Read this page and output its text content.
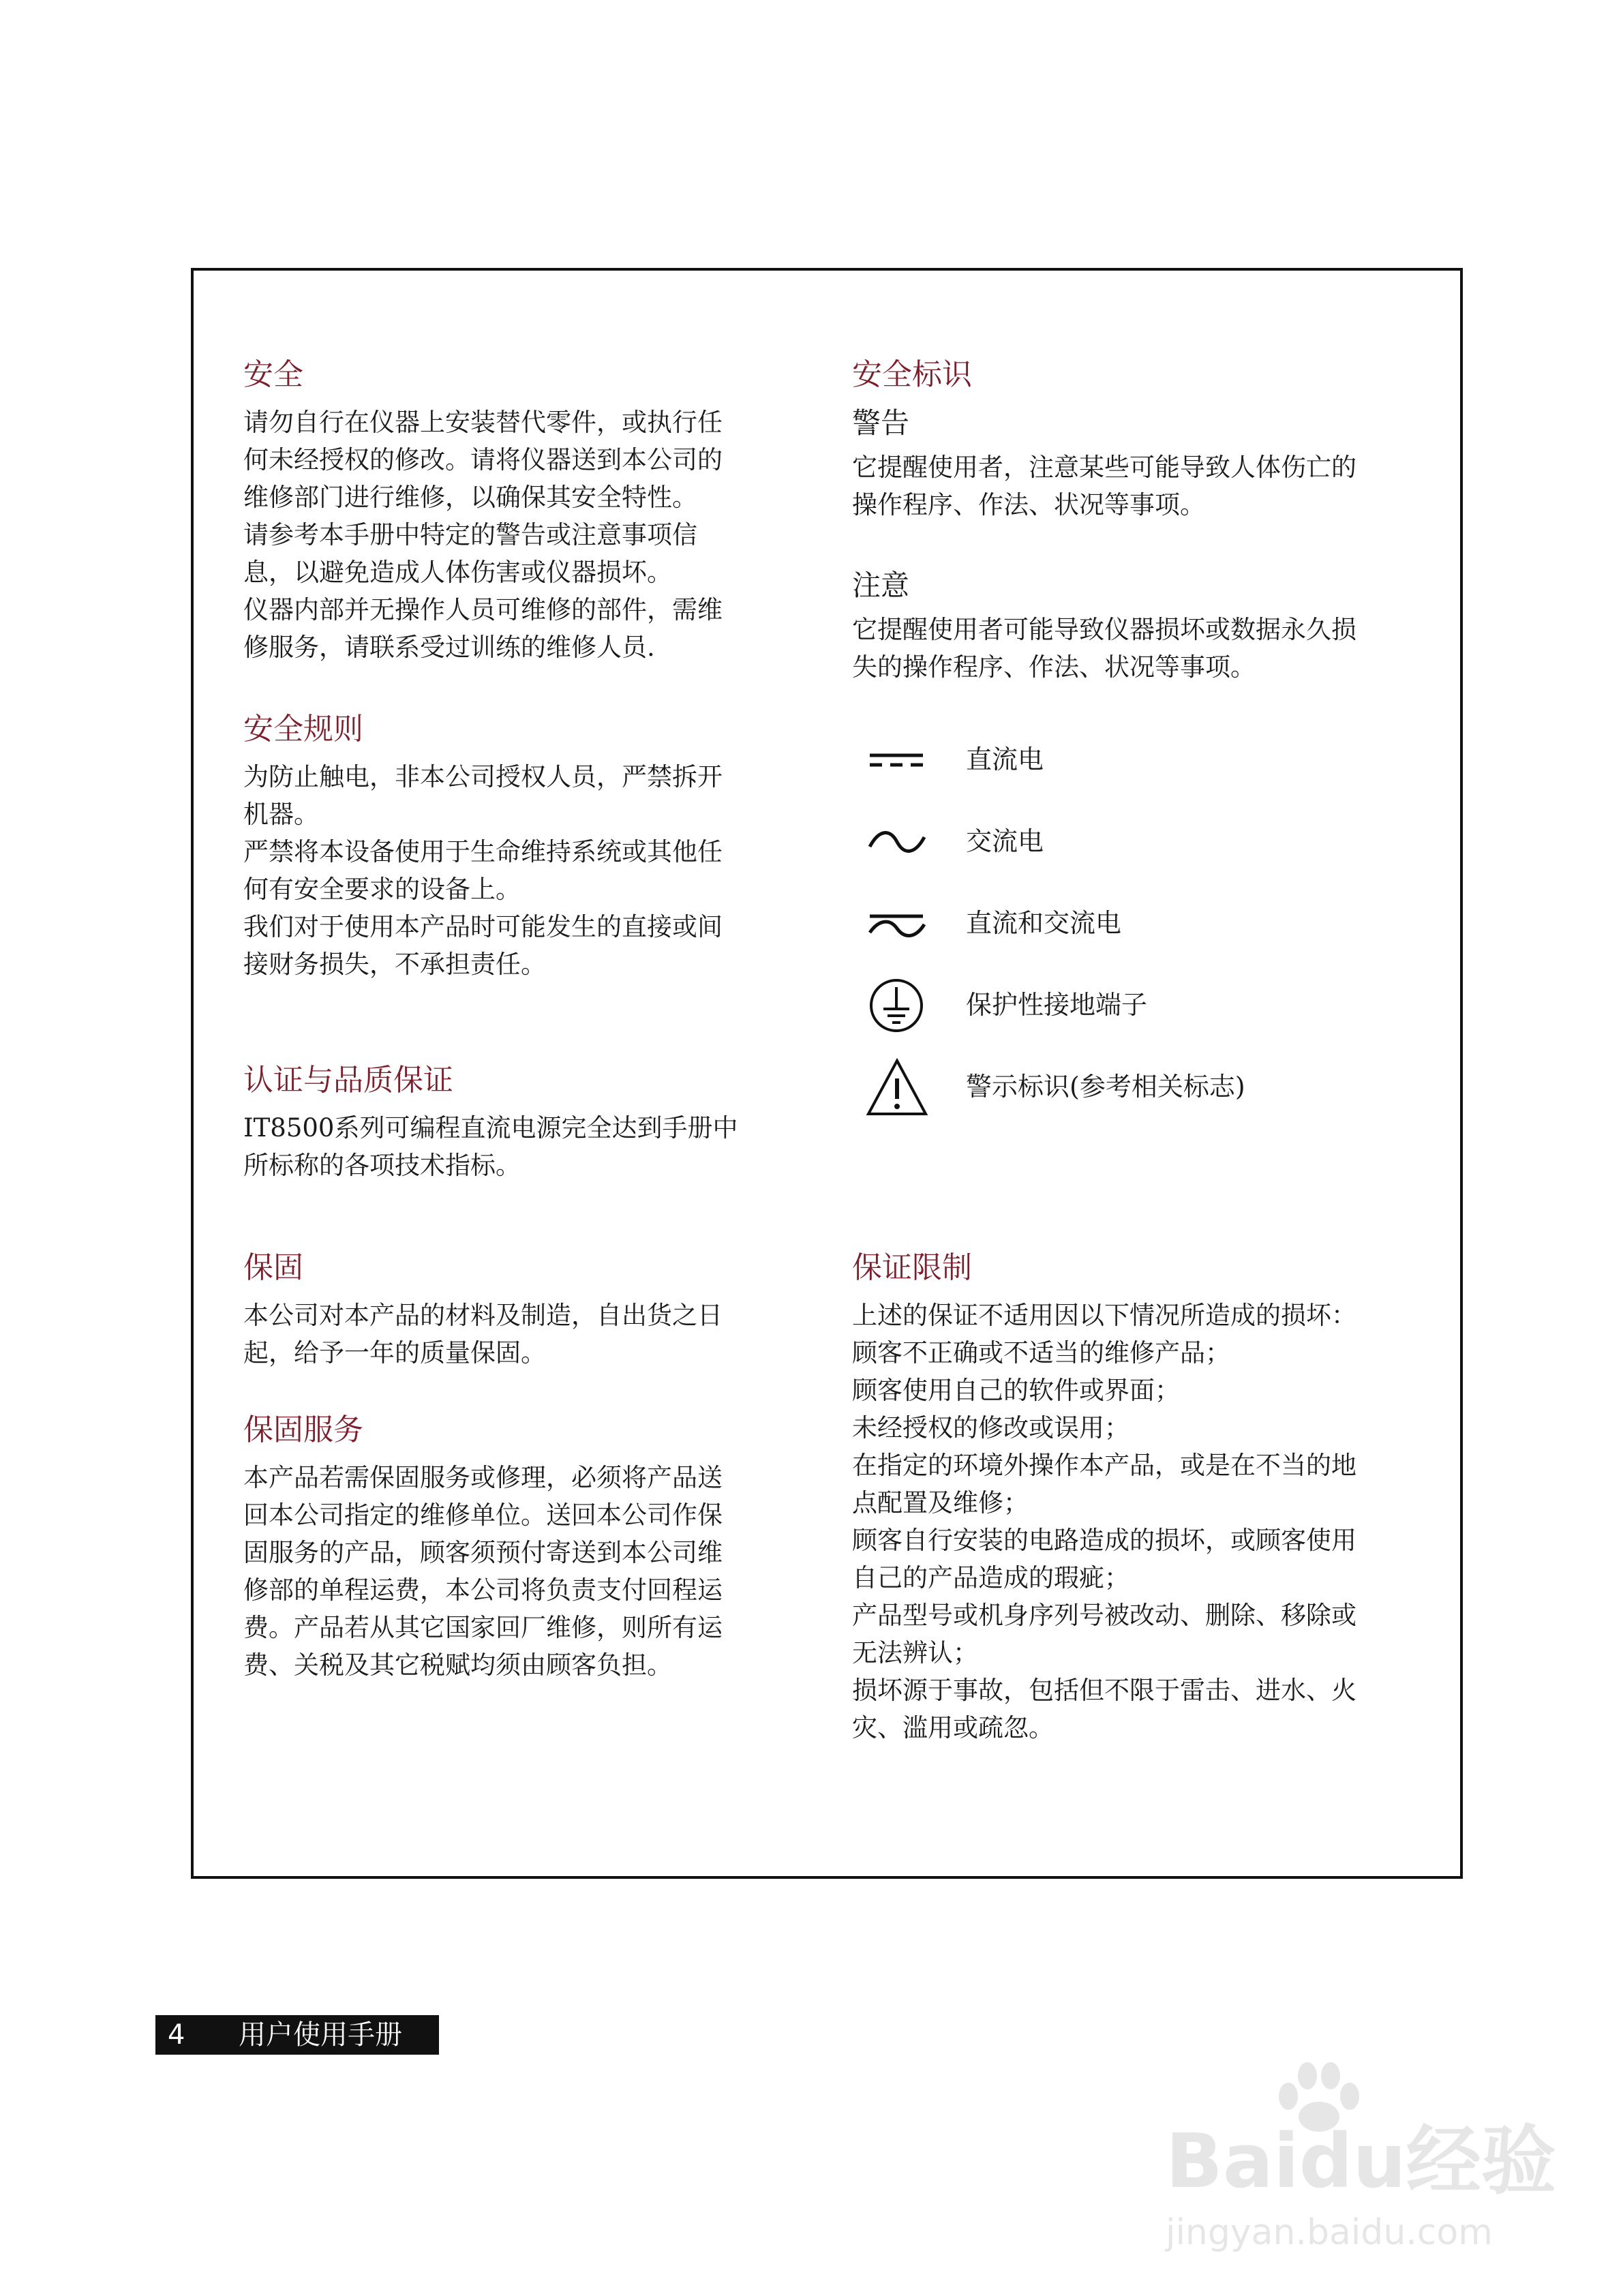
安全
请勿自行在仪器上安装替代零件，或执行任
何未经授权的修改。请将仪器送到本公司的
维修部门进行维修，以确保其安全特性。
请参考本手册中特定的警告或注意事项信
息，以避免造成人体伤害或仪器损坏。
仪器内部并无操作人员可维修的部件，需维
修服务，请联系受过训练的维修人员.
安全规则
为防止触电，非本公司授权人员，严禁拆开
机器。
严禁将本设备使用于生命维持系统或其他任
何有安全要求的设备上。
我们对于使用本产品时可能发生的直接或间
接财务损失，不承担责任。
认证与品质保证
IT8500系列可编程直流电源完全达到手册中
所标称的各项技术指标。
保固
本公司对本产品的材料及制造，自出货之日
起，给予一年的质量保固。
保固服务
本产品若需保固服务或修理，必须将产品送
回本公司指定的维修单位。送回本公司作保
固服务的产品，顾客须预付寄送到本公司维
修部的单程运费，本公司将负责支付回程运
费。产品若从其它国家回厂维修，则所有运
费、关税及其它税赋均须由顾客负担。
安全标识
警告
它提醒使用者，注意某些可能导致人体伤亡的
操作程序、作法、状况等事项。
注意
它提醒使用者可能导致仪器损坏或数据永久损
失的操作程序、作法、状况等事项。
直流电
交流电
直流和交流电
保护性接地端子
警示标识(参考相关标志)
保证限制
上述的保证不适用因以下情况所造成的损坏：
顾客不正确或不适当的维修产品；
顾客使用自己的软件或界面；
未经授权的修改或误用；
在指定的环境外操作本产品，或是在不当的地
点配置及维修；
顾客自行安装的电路造成的损坏，或顾客使用
自己的产品造成的瑕疵；
产品型号或机身序列号被改动、删除、移除或
无法辨认；
损坏源于事故，包括但不限于雷击、进水、火
灾、滥用或疏忽。
4 用户使用手册
Baidu经验
jingyan.baidu.com
